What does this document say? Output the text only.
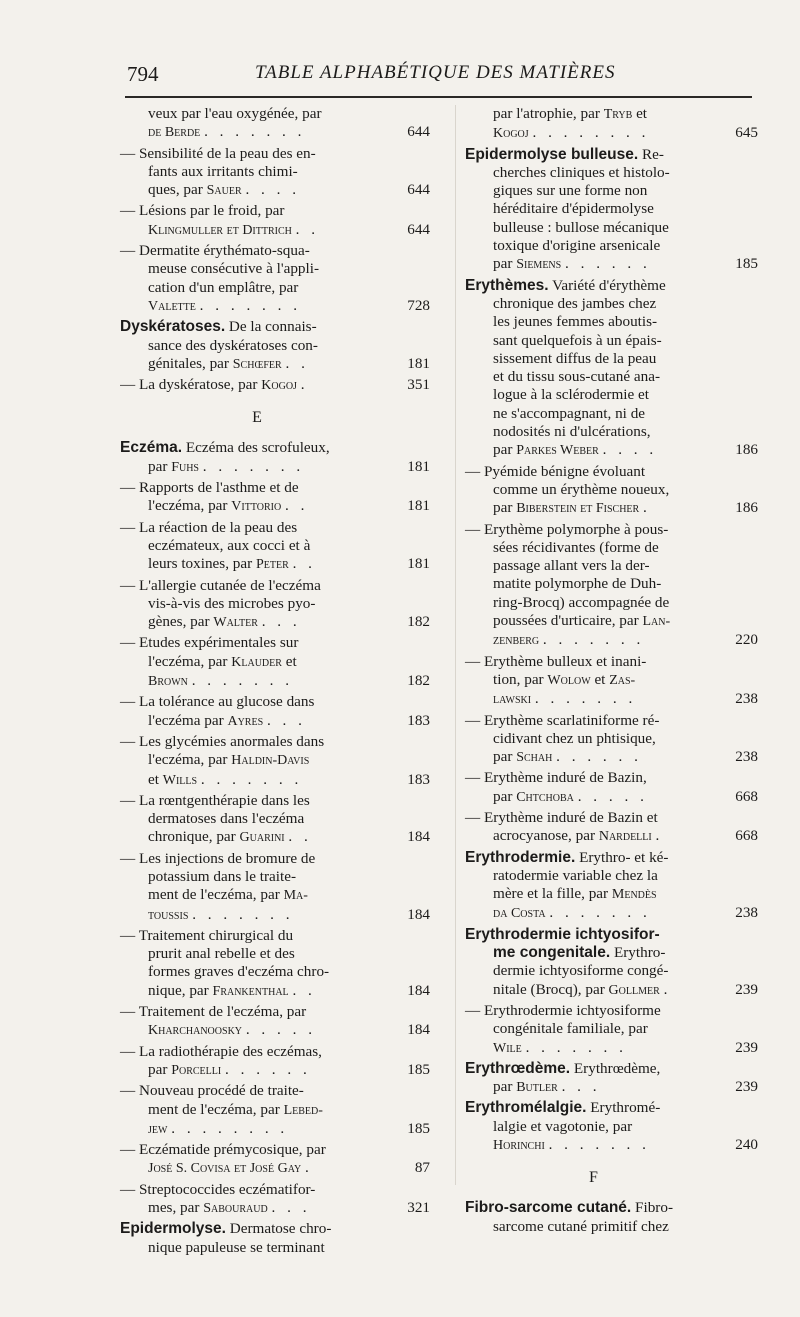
794	TABLE ALPHABÉTIQUE DES MATIÈRES
veux par l'eau oxygénée, par
de Berde . . . . . . .	644
— Sensibilité de la peau des en-
fants aux irritants chimi-
ques, par Sauer . . . .	644
— Lésions par le froid, par
Klingmuller et Dittrich . .	644
— Dermatite érythémato-squa-
meuse consécutive à l'appli-
cation d'un emplâtre, par
Valette . . . . . . .	728
Dyskératoses. De la connais-
sance des dyskératoses con-
génitales, par Schœfer . .	181
— La dyskératose, par Kogoj .	351
E
Eczéma. Eczéma des scrofuleux,
par Fuhs . . . . . . .	181
— Rapports de l'asthme et de
l'eczéma, par Vittorio . .	181
— La réaction de la peau des
eczémateux, aux cocci et à
leurs toxines, par Peter . .	181
— L'allergie cutanée de l'eczéma
vis-à-vis des microbes pyo-
gènes, par Walter . . .	182
— Etudes expérimentales sur
l'eczéma, par Klauder et
Brown . . . . . . .	182
— La tolérance au glucose dans
l'eczéma par Ayres . . .	183
— Les glycémies anormales dans
l'eczéma, par Haldin-Davis
et Wills . . . . . . .	183
— La rœntgenthérapie dans les
dermatoses dans l'eczéma
chronique, par Guarini . .	184
— Les injections de bromure de
potassium dans le traite-
ment de l'eczéma, par Ma-
toussis . . . . . . .	184
— Traitement chirurgical du
prurit anal rebelle et des
formes graves d'eczéma chro-
nique, par Frankenthal . .	184
— Traitement de l'eczéma, par
Kharchanoosky . . . . .	184
— La radiothérapie des eczémas,
par Porcelli . . . . . .	185
— Nouveau procédé de traite-
ment de l'eczéma, par Lebed-
jew . . . . . . . .	185
— Eczématide prémycosique, par
José S. Covisa et José Gay .	87
— Streptococcides eczématifor-
mes, par Sabouraud . . .	321
Epidermolyse. Dermatose chro-
nique papuleuse se terminant
par l'atrophie, par Tryb et
Kogoj . . . . . . . .	645
Epidermolyse bulleuse. Re-
cherches cliniques et histolo-
giques sur une forme non
héréditaire d'épidermolyse
bulleuse : bullose mécanique
toxique d'origine arsenicale
par Siemens . . . . . .	185
Erythèmes. Variété d'érythème
chronique des jambes chez
les jeunes femmes aboutis-
sant quelquefois à un épais-
sissement diffus de la peau
et du tissu sous-cutané ana-
logue à la sclérodermie et
ne s'accompagnant, ni de
nodosités ni d'ulcérations,
par Parkes Weber . . . .	186
— Pyémide bénigne évoluant
comme un érythème noueux,
par Biberstein et Fischer .	186
— Erythème polymorphe à pous-
sées récidivantes (forme de
passage allant vers la der-
matite polymorphe de Duh-
ring-Brocq) accompagnée de
poussées d'urticaire, par Lan-
zenberg . . . . . . .	220
— Erythème bulleux et inani-
tion, par Wolow et Zas-
lawski . . . . . . .	238
— Erythème scarlatiniforme ré-
cidivant chez un phtisique,
par Schah . . . . . .	238
— Erythème induré de Bazin,
par Chtchoba . . . . .	668
— Erythème induré de Bazin et
acrocyanose, par Nardelli .	668
Erythrodermie. Erythro- et ké-
ratodermie variable chez la
mère et la fille, par Mendès
da Costa . . . . . . .	238
Erythrodermie ichtyosifor-
me congenitale. Erythro-
dermie ichtyosiforme congé-
nitale (Brocq), par Gollmer .	239
— Erythrodermie ichtyosiforme
congénitale familiale, par
Wile . . . . . . .	239
Erythrœdème. Erythrœdème,
par Butler . . .	239
Erythromélalgie. Erythromé-
lalgie et vagotonie, par
Horinchi . . . . . . .	240
F
Fibro-sarcome cutané. Fibro-
sarcome cutané primitif chez
